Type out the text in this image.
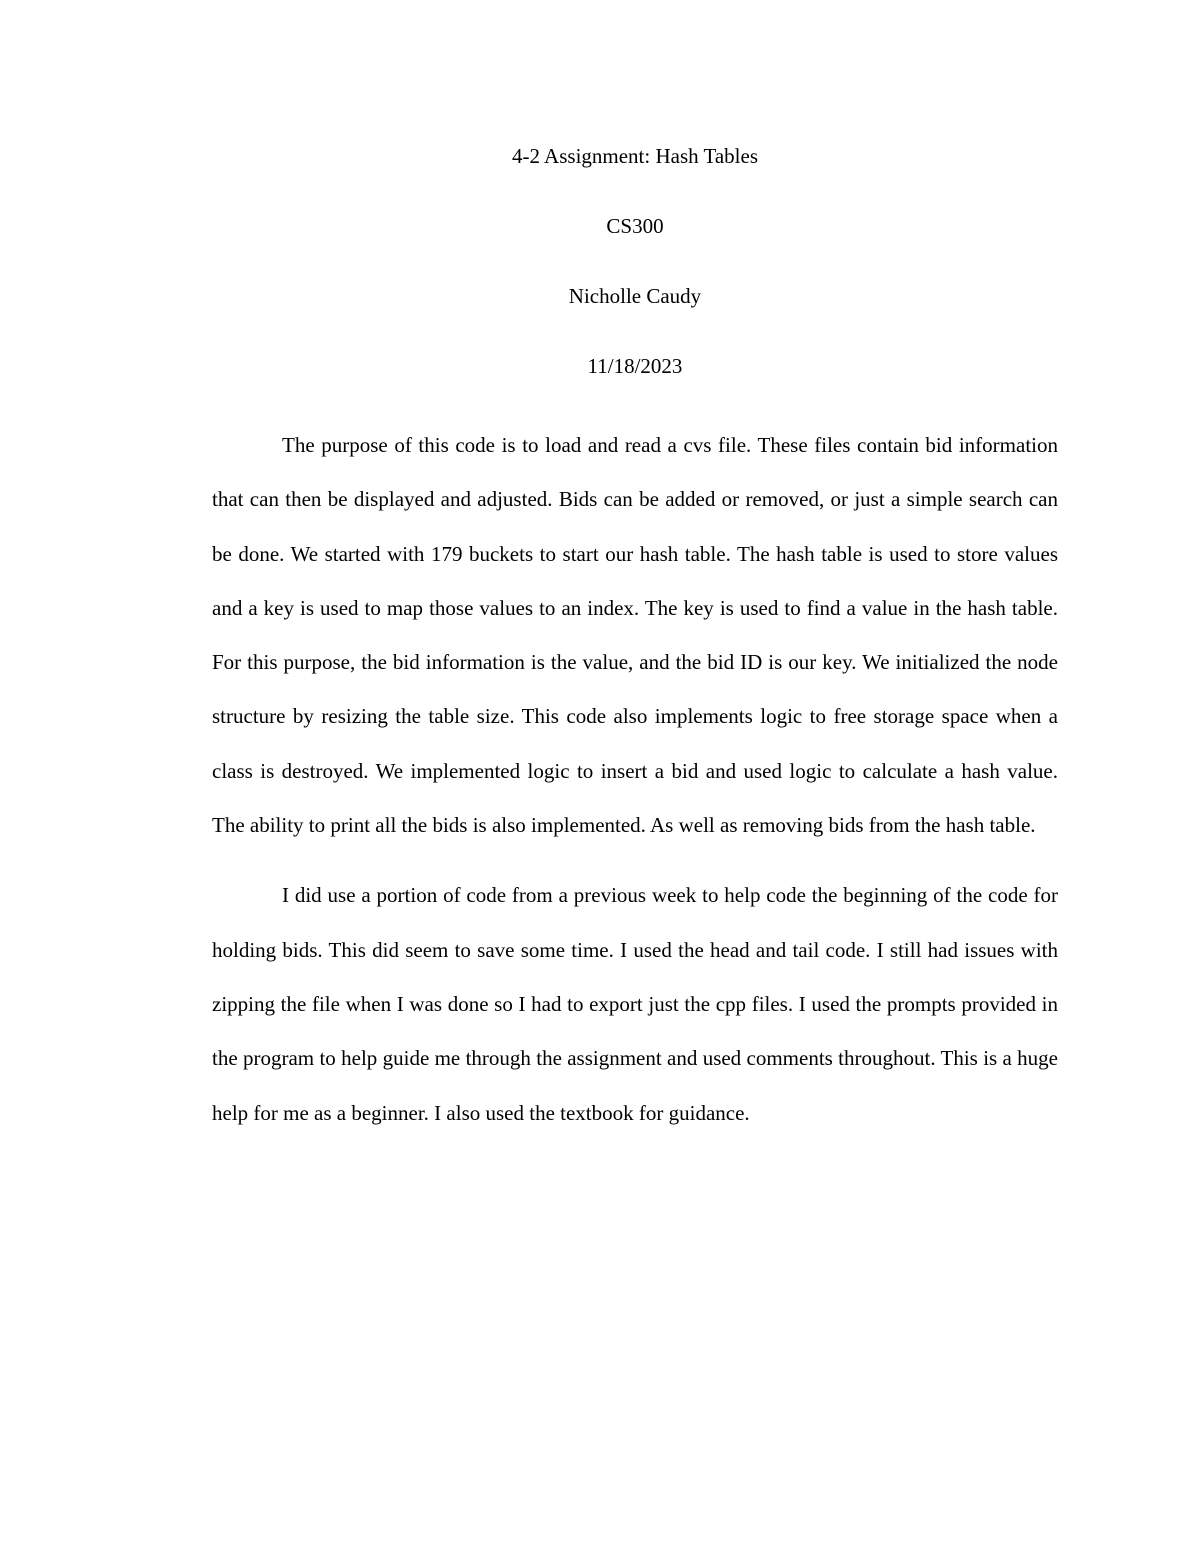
4-2 Assignment: Hash Tables
CS300
Nicholle Caudy
11/18/2023

The purpose of this code is to load and read a cvs file. These files contain bid information that can then be displayed and adjusted. Bids can be added or removed, or just a simple search can be done. We started with 179 buckets to start our hash table. The hash table is used to store values and a key is used to map those values to an index. The key is used to find a value in the hash table. For this purpose, the bid information is the value, and the bid ID is our key. We initialized the node structure by resizing the table size. This code also implements logic to free storage space when a class is destroyed. We implemented logic to insert a bid and used logic to calculate a hash value. The ability to print all the bids is also implemented. As well as removing bids from the hash table.

I did use a portion of code from a previous week to help code the beginning of the code for holding bids. This did seem to save some time. I used the head and tail code. I still had issues with zipping the file when I was done so I had to export just the cpp files. I used the prompts provided in the program to help guide me through the assignment and used comments throughout. This is a huge help for me as a beginner. I also used the textbook for guidance.
